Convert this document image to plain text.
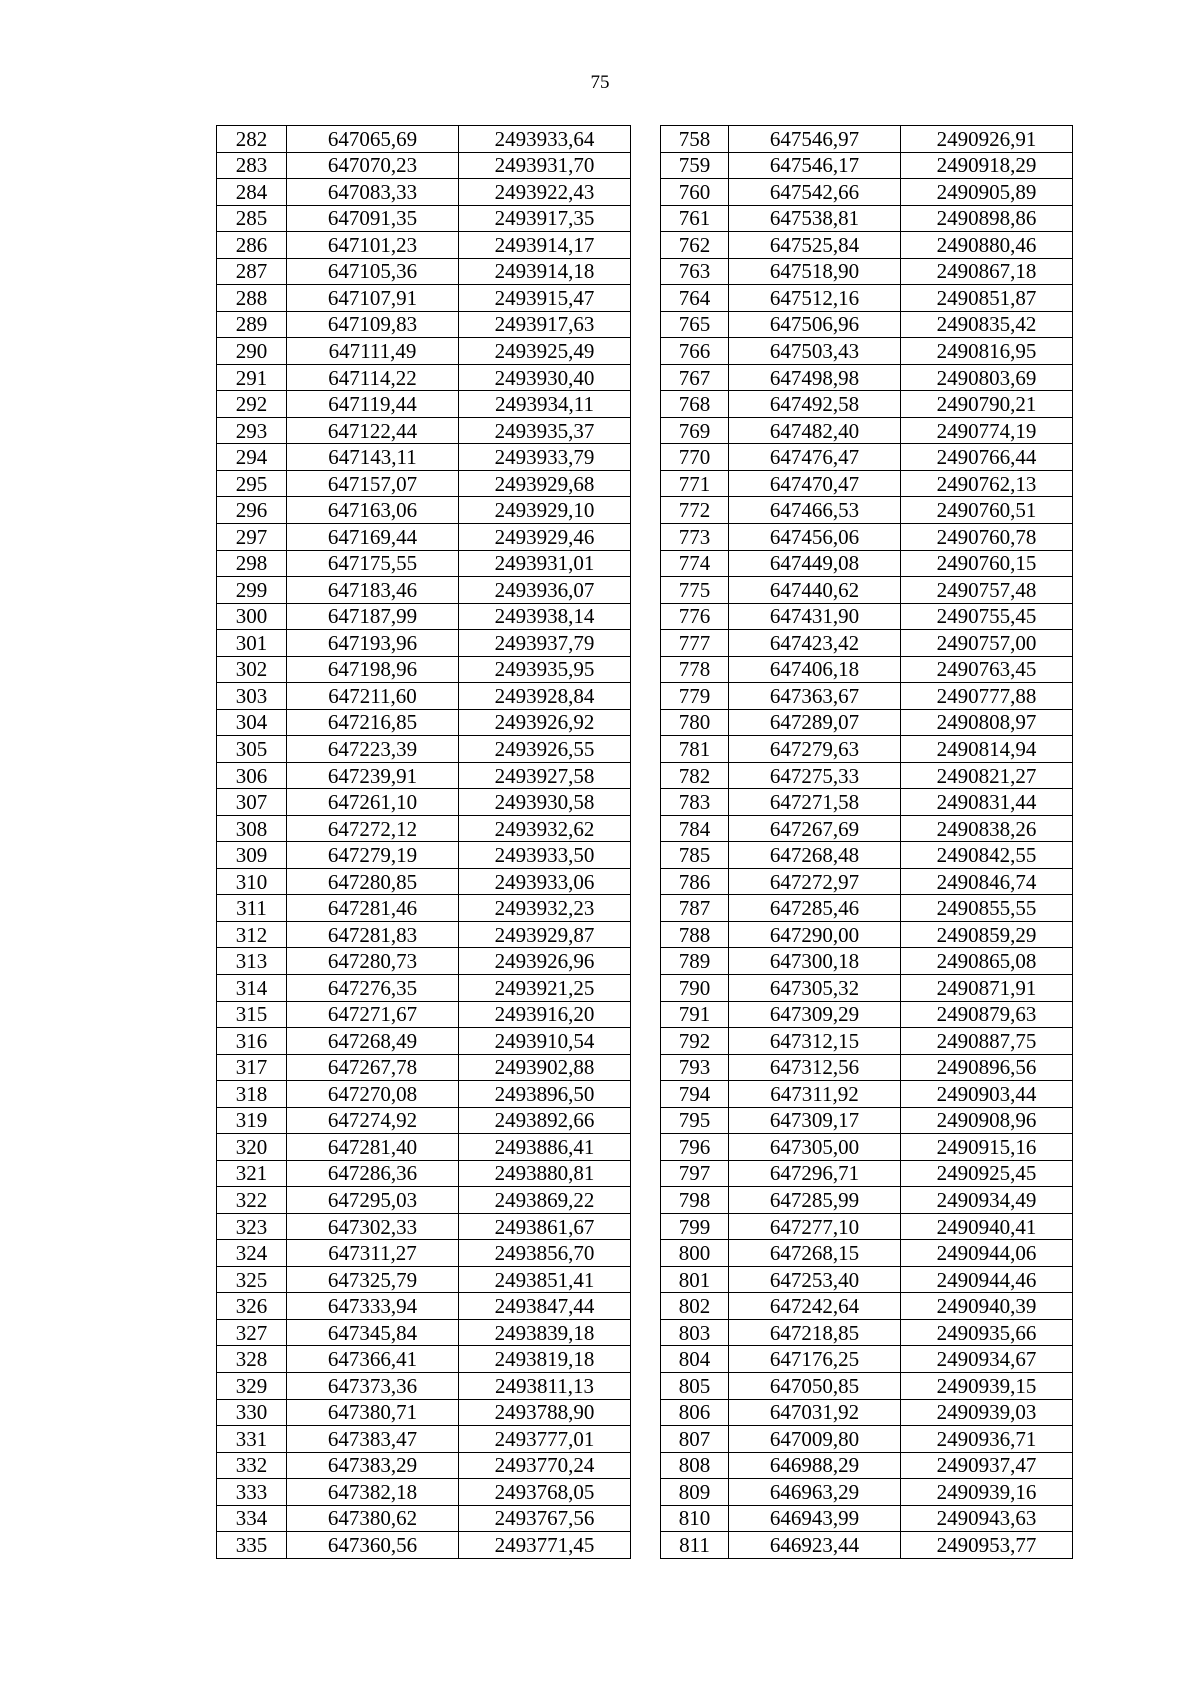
75
282	647065,69	2493933,64		758	647546,97	2490926,91
283	647070,23	2493931,70		759	647546,17	2490918,29
284	647083,33	2493922,43		760	647542,66	2490905,89
285	647091,35	2493917,35		761	647538,81	2490898,86
286	647101,23	2493914,17		762	647525,84	2490880,46
287	647105,36	2493914,18		763	647518,90	2490867,18
288	647107,91	2493915,47		764	647512,16	2490851,87
289	647109,83	2493917,63		765	647506,96	2490835,42
290	647111,49	2493925,49		766	647503,43	2490816,95
291	647114,22	2493930,40		767	647498,98	2490803,69
292	647119,44	2493934,11		768	647492,58	2490790,21
293	647122,44	2493935,37		769	647482,40	2490774,19
294	647143,11	2493933,79		770	647476,47	2490766,44
295	647157,07	2493929,68		771	647470,47	2490762,13
296	647163,06	2493929,10		772	647466,53	2490760,51
297	647169,44	2493929,46		773	647456,06	2490760,78
298	647175,55	2493931,01		774	647449,08	2490760,15
299	647183,46	2493936,07		775	647440,62	2490757,48
300	647187,99	2493938,14		776	647431,90	2490755,45
301	647193,96	2493937,79		777	647423,42	2490757,00
302	647198,96	2493935,95		778	647406,18	2490763,45
303	647211,60	2493928,84		779	647363,67	2490777,88
304	647216,85	2493926,92		780	647289,07	2490808,97
305	647223,39	2493926,55		781	647279,63	2490814,94
306	647239,91	2493927,58		782	647275,33	2490821,27
307	647261,10	2493930,58		783	647271,58	2490831,44
308	647272,12	2493932,62		784	647267,69	2490838,26
309	647279,19	2493933,50		785	647268,48	2490842,55
310	647280,85	2493933,06		786	647272,97	2490846,74
311	647281,46	2493932,23		787	647285,46	2490855,55
312	647281,83	2493929,87		788	647290,00	2490859,29
313	647280,73	2493926,96		789	647300,18	2490865,08
314	647276,35	2493921,25		790	647305,32	2490871,91
315	647271,67	2493916,20		791	647309,29	2490879,63
316	647268,49	2493910,54		792	647312,15	2490887,75
317	647267,78	2493902,88		793	647312,56	2490896,56
318	647270,08	2493896,50		794	647311,92	2490903,44
319	647274,92	2493892,66		795	647309,17	2490908,96
320	647281,40	2493886,41		796	647305,00	2490915,16
321	647286,36	2493880,81		797	647296,71	2490925,45
322	647295,03	2493869,22		798	647285,99	2490934,49
323	647302,33	2493861,67		799	647277,10	2490940,41
324	647311,27	2493856,70		800	647268,15	2490944,06
325	647325,79	2493851,41		801	647253,40	2490944,46
326	647333,94	2493847,44		802	647242,64	2490940,39
327	647345,84	2493839,18		803	647218,85	2490935,66
328	647366,41	2493819,18		804	647176,25	2490934,67
329	647373,36	2493811,13		805	647050,85	2490939,15
330	647380,71	2493788,90		806	647031,92	2490939,03
331	647383,47	2493777,01		807	647009,80	2490936,71
332	647383,29	2493770,24		808	646988,29	2490937,47
333	647382,18	2493768,05		809	646963,29	2490939,16
334	647380,62	2493767,56		810	646943,99	2490943,63
335	647360,56	2493771,45		811	646923,44	2490953,77
